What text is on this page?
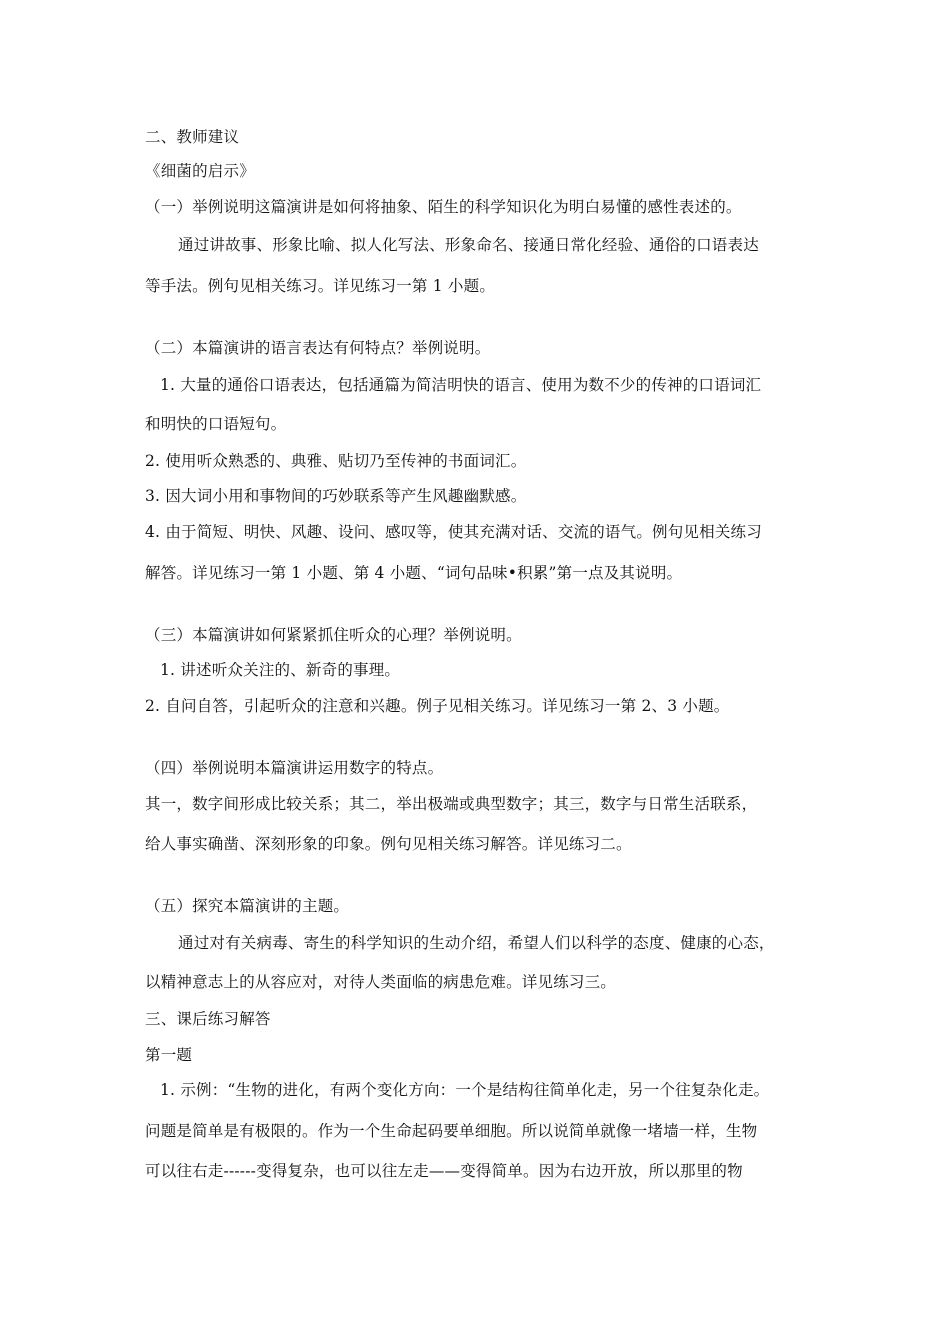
二、教师建议
《细菌的启示》
（一）举例说明这篇演讲是如何将抽象、陌生的科学知识化为明白易懂的感性表述的。
通过讲故事、形象比喻、拟人化写法、形象命名、接通日常化经验、通俗的口语表达
等手法。例句见相关练习。详见练习一第 1 小题。
（二）本篇演讲的语言表达有何特点？举例说明。
1. 大量的通俗口语表达，包括通篇为简洁明快的语言、使用为数不少的传神的口语词汇
和明快的口语短句。
2. 使用听众熟悉的、典雅、贴切乃至传神的书面词汇。
3. 因大词小用和事物间的巧妙联系等产生风趣幽默感。
4. 由于简短、明快、风趣、设问、感叹等，使其充满对话、交流的语气。例句见相关练习
解答。详见练习一第 1 小题、第 4 小题、“词句品味•积累”第一点及其说明。
（三）本篇演讲如何紧紧抓住听众的心理？举例说明。
1. 讲述听众关注的、新奇的事理。
2. 自问自答，引起听众的注意和兴趣。例子见相关练习。详见练习一第 2、3 小题。
（四）举例说明本篇演讲运用数字的特点。
其一，数字间形成比较关系；其二，举出极端或典型数字；其三，数字与日常生活联系，
给人事实确凿、深刻形象的印象。例句见相关练习解答。详见练习二。
（五）探究本篇演讲的主题。
通过对有关病毒、寄生的科学知识的生动介绍，希望人们以科学的态度、健康的心态，
以精神意志上的从容应对，对待人类面临的病患危难。详见练习三。
三、课后练习解答
第一题
1. 示例：“生物的进化，有两个变化方向：一个是结构往简单化走，另一个往复杂化走。
问题是简单是有极限的。作为一个生命起码要单细胞。所以说简单就像一堵墙一样，生物
可以往右走------变得复杂，也可以往左走——变得简单。因为右边开放，所以那里的物
